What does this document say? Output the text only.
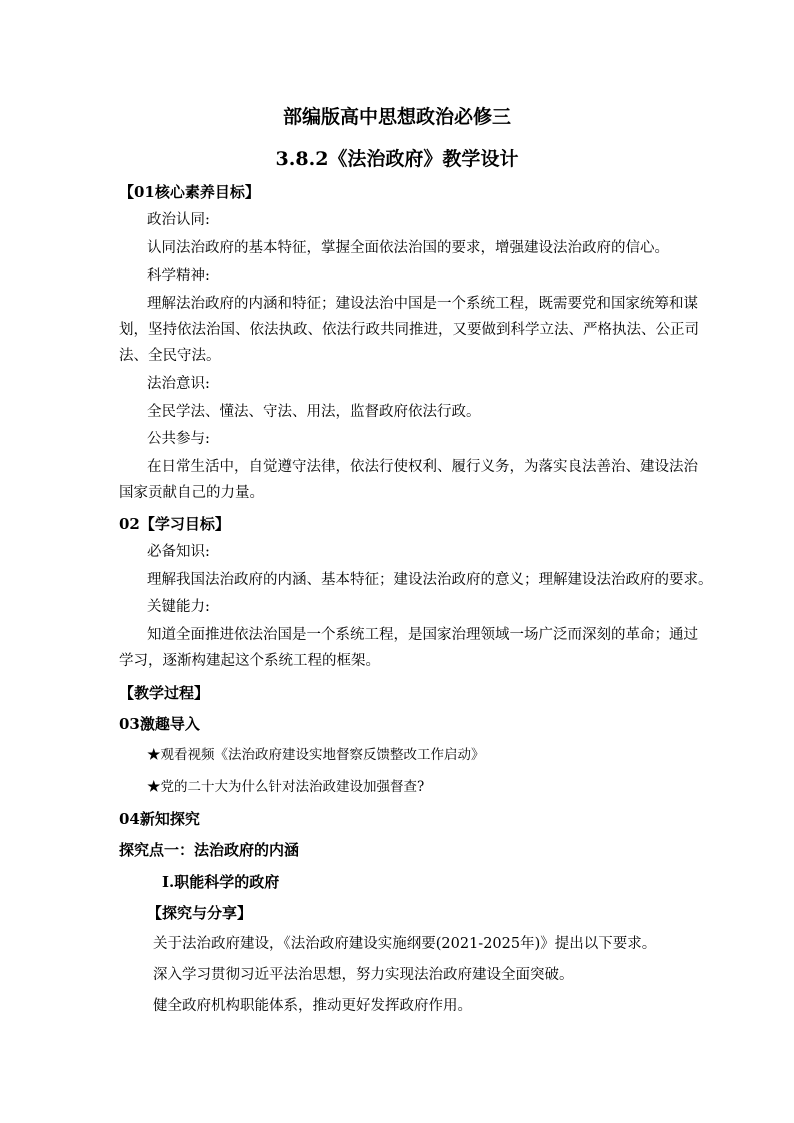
部编版高中思想政治必修三

3.8.2《法治政府》教学设计

【01核心素养目标】

政治认同:

认同法治政府的基本特征，掌握全面依法治国的要求，增强建设法治政府的信心。

科学精神:

理解法治政府的内涵和特征；建设法治中国是一个系统工程，既需要党和国家统筹和谋

划，坚持依法治国、依法执政、依法行政共同推进，又要做到科学立法、严格执法、公正司

法、全民守法。

法治意识:

全民学法、懂法、守法、用法，监督政府依法行政。

公共参与:

在日常生活中，自觉遵守法律，依法行使权利、履行义务，为落实良法善治、建设法治

国家贡献自己的力量。

02【学习目标】

必备知识:

理解我国法治政府的内涵、基本特征；建设法治政府的意义；理解建设法治政府的要求。

关键能力:

知道全面推进依法治国是一个系统工程，是国家治理领域一场广泛而深刻的革命；通过

学习，逐渐构建起这个系统工程的框架。

【教学过程】

03激趣导入

★观看视频《法治政府建设实地督察反馈整改工作启动》

★党的二十大为什么针对法治政建设加强督查?

04新知探究

探究点一：法治政府的内涵

Ⅰ.职能科学的政府

【探究与分享】

关于法治政府建设，《法治政府建设实施纲要(2021-2025年)》提出以下要求。

深入学习贯彻习近平法治思想，努力实现法治政府建设全面突破。

健全政府机构职能体系，推动更好发挥政府作用。
